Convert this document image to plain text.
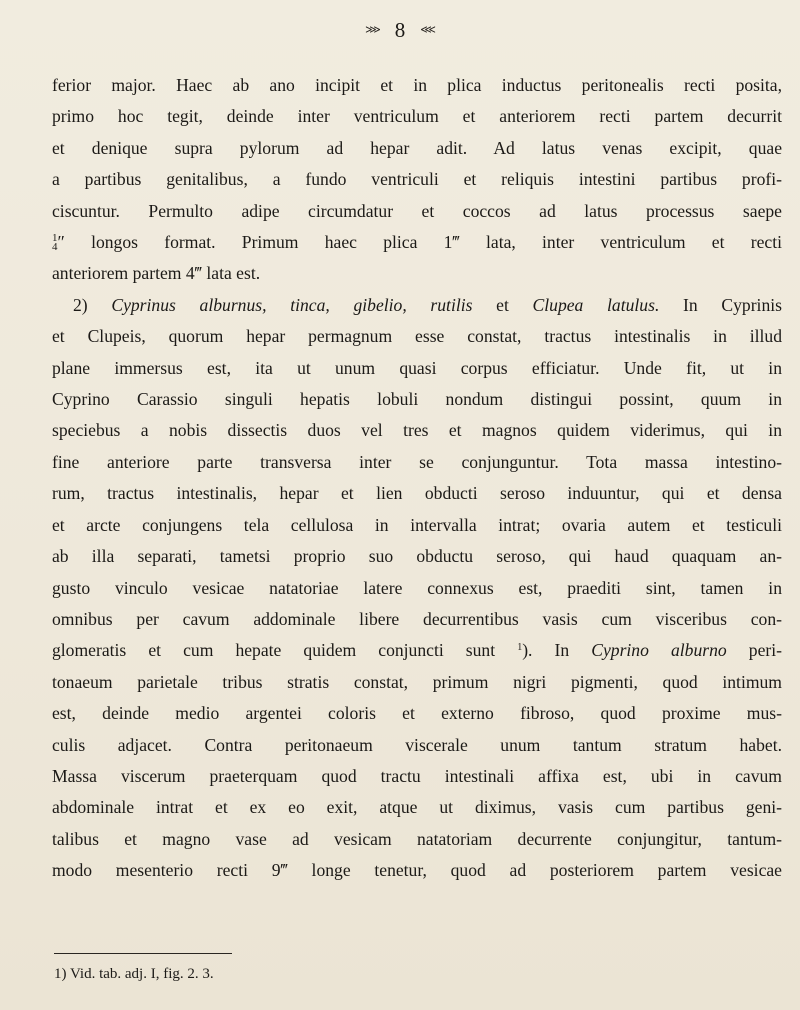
⋙ 8 ⋘
ferior major. Haec ab ano incipit et in plica inductus peritonealis recti posita,
primo hoc tegit, deinde inter ventriculum et anteriorem recti partem decurrit
et denique supra pylorum ad hepar adit. Ad latus venas excipit, quae
a partibus genitalibus, a fundo ventriculi et reliquis intestini partibus profi-
ciscuntur. Permulto adipe circumdatur et coccos ad latus processus saepe
1
4 ″ longos format. Primum haec plica 1‴ lata, inter ventriculum et recti
anteriorem partem 4‴ lata est.
2) Cyprinus alburnus, tinca, gibelio, rutilis et Clupea latulus. In Cyprinis
et Clupeis, quorum hepar permagnum esse constat, tractus intestinalis in illud
plane immersus est, ita ut unum quasi corpus efficiatur. Unde fit, ut in
Cyprino Carassio singuli hepatis lobuli nondum distingui possint, quum in
speciebus a nobis dissectis duos vel tres et magnos quidem viderimus, qui in
fine anteriore parte transversa inter se conjunguntur. Tota massa intestino-
rum, tractus intestinalis, hepar et lien obducti seroso induuntur, qui et densa
et arcte conjungens tela cellulosa in intervalla intrat; ovaria autem et testiculi
ab illa separati, tametsi proprio suo obductu seroso, qui haud quaquam an-
gusto vinculo vesicae natatoriae latere connexus est, praediti sint, tamen in
omnibus per cavum addominale libere decurrentibus vasis cum visceribus con-
glomeratis et cum hepate quidem conjuncti sunt $^1$). In Cyprino alburno peri-
tonaeum parietale tribus stratis constat, primum nigri pigmenti, quod intimum
est, deinde medio argentei coloris et externo fibroso, quod proxime mus-
culis adjacet. Contra peritonaeum viscerale unum tantum stratum habet.
Massa viscerum praeterquam quod tractu intestinali affixa est, ubi in cavum
abdominale intrat et ex eo exit, atque ut diximus, vasis cum partibus geni-
talibus et magno vase ad vesicam natatoriam decurrente conjungitur, tantum-
modo mesenterio recti 9‴ longe tenetur, quod ad posteriorem partem vesicae
1) Vid. tab. adj. I, fig. 2. 3.
